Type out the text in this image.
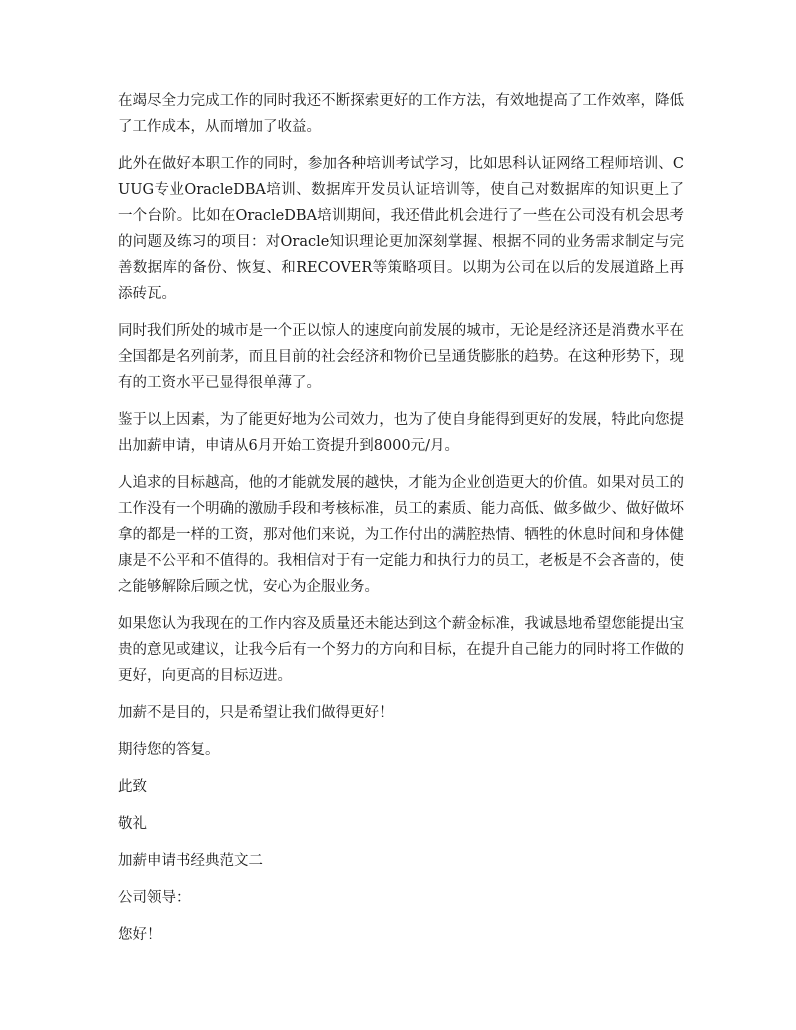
在竭尽全力完成工作的同时我还不断探索更好的工作方法，有效地提高了工作效率，降低了工作成本，从而增加了收益。

此外在做好本职工作的同时，参加各种培训考试学习，比如思科认证网络工程师培训、CUUG专业OracleDBA培训、数据库开发员认证培训等，使自己对数据库的知识更上了一个台阶。比如在OracleDBA培训期间，我还借此机会进行了一些在公司没有机会思考的问题及练习的项目：对Oracle知识理论更加深刻掌握、根据不同的业务需求制定与完善数据库的备份、恢复、和RECOVER等策略项目。以期为公司在以后的发展道路上再添砖瓦。

同时我们所处的城市是一个正以惊人的速度向前发展的城市，无论是经济还是消费水平在全国都是名列前茅，而且目前的社会经济和物价已呈通货膨胀的趋势。在这种形势下，现有的工资水平已显得很单薄了。

鉴于以上因素，为了能更好地为公司效力，也为了使自身能得到更好的发展，特此向您提出加薪申请，申请从6月开始工资提升到8000元/月。

人追求的目标越高，他的才能就发展的越快，才能为企业创造更大的价值。如果对员工的工作没有一个明确的激励手段和考核标准，员工的素质、能力高低、做多做少、做好做坏拿的都是一样的工资，那对他们来说，为工作付出的满腔热情、牺牲的休息时间和身体健康是不公平和不值得的。我相信对于有一定能力和执行力的员工，老板是不会吝啬的，使之能够解除后顾之忧，安心为企服业务。

如果您认为我现在的工作内容及质量还未能达到这个薪金标准，我诚恳地希望您能提出宝贵的意见或建议，让我今后有一个努力的方向和目标，在提升自己能力的同时将工作做的更好，向更高的目标迈进。

加薪不是目的，只是希望让我们做得更好！

期待您的答复。

此致

敬礼

加薪申请书经典范文二

公司领导：

您好！
